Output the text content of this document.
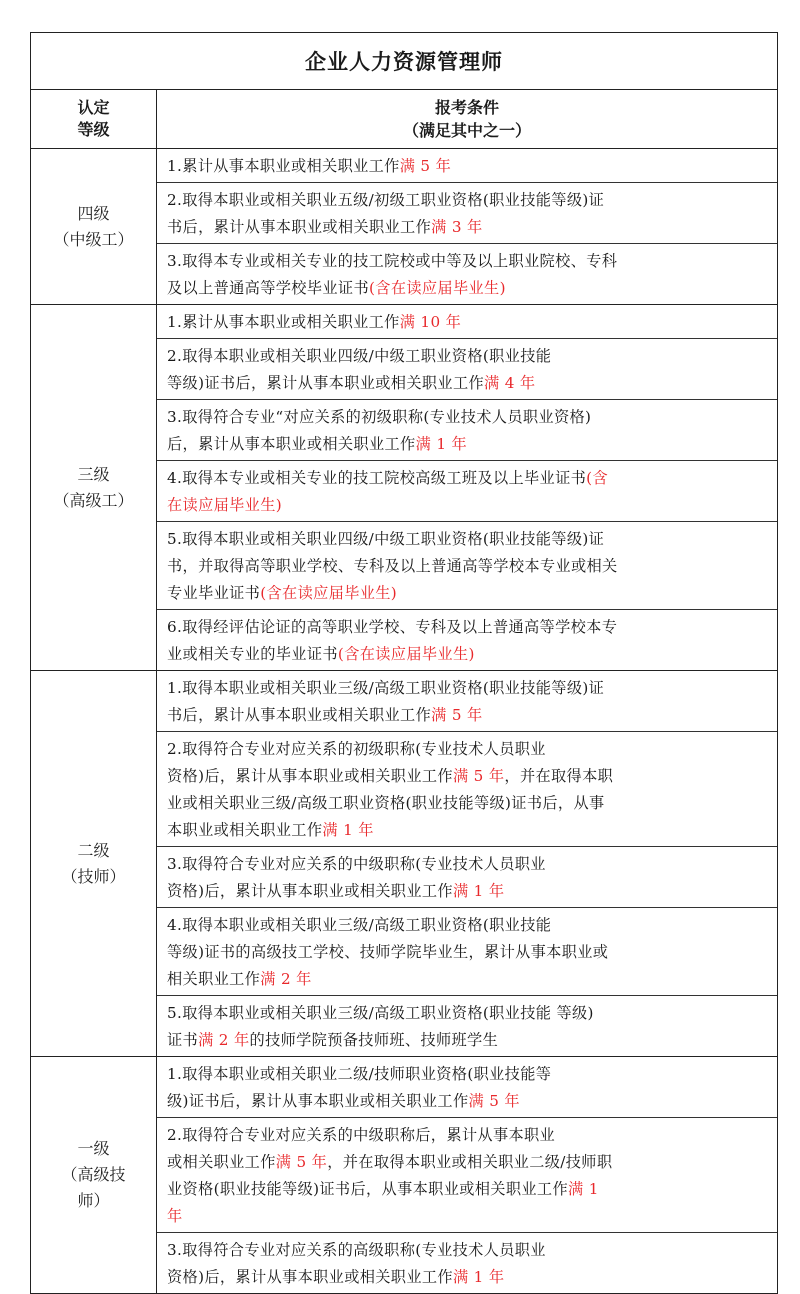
企业人力资源管理师
认定
等级
报考条件
（满足其中之一）
四级
（中级工）
1.累计从事本职业或相关职业工作满 5 年
2.取得本职业或相关职业五级/初级工职业资格(职业技能等级)证
书后，累计从事本职业或相关职业工作满 3 年
3.取得本专业或相关专业的技工院校或中等及以上职业院校、专科
及以上普通高等学校毕业证书(含在读应届毕业生)
三级
（高级工）
1.累计从事本职业或相关职业工作满 10 年
2.取得本职业或相关职业四级/中级工职业资格(职业技能
等级)证书后，累计从事本职业或相关职业工作满 4 年
3.取得符合专业“对应关系的初级职称(专业技术人员职业资格)
后，累计从事本职业或相关职业工作满 1 年
4.取得本专业或相关专业的技工院校高级工班及以上毕业证书(含
在读应届毕业生)
5.取得本职业或相关职业四级/中级工职业资格(职业技能等级)证
书，并取得高等职业学校、专科及以上普通高等学校本专业或相关
专业毕业证书(含在读应届毕业生)
6.取得经评估论证的高等职业学校、专科及以上普通高等学校本专
业或相关专业的毕业证书(含在读应届毕业生)
二级
（技师）
1.取得本职业或相关职业三级/高级工职业资格(职业技能等级)证
书后，累计从事本职业或相关职业工作满 5 年
2.取得符合专业对应关系的初级职称(专业技术人员职业
资格)后，累计从事本职业或相关职业工作满 5 年，并在取得本职
业或相关职业三级/高级工职业资格(职业技能等级)证书后，从事
本职业或相关职业工作满 1 年
3.取得符合专业对应关系的中级职称(专业技术人员职业
资格)后，累计从事本职业或相关职业工作满 1 年
4.取得本职业或相关职业三级/高级工职业资格(职业技能
等级)证书的高级技工学校、技师学院毕业生，累计从事本职业或
相关职业工作满 2 年
5.取得本职业或相关职业三级/高级工职业资格(职业技能 等级)
证书满 2 年的技师学院预备技师班、技师班学生
一级
（高级技
师）
1.取得本职业或相关职业二级/技师职业资格(职业技能等
级)证书后，累计从事本职业或相关职业工作满 5 年
2.取得符合专业对应关系的中级职称后，累计从事本职业
或相关职业工作满 5 年，并在取得本职业或相关职业二级/技师职
业资格(职业技能等级)证书后，从事本职业或相关职业工作满 1
年
3.取得符合专业对应关系的高级职称(专业技术人员职业
资格)后，累计从事本职业或相关职业工作满 1 年
